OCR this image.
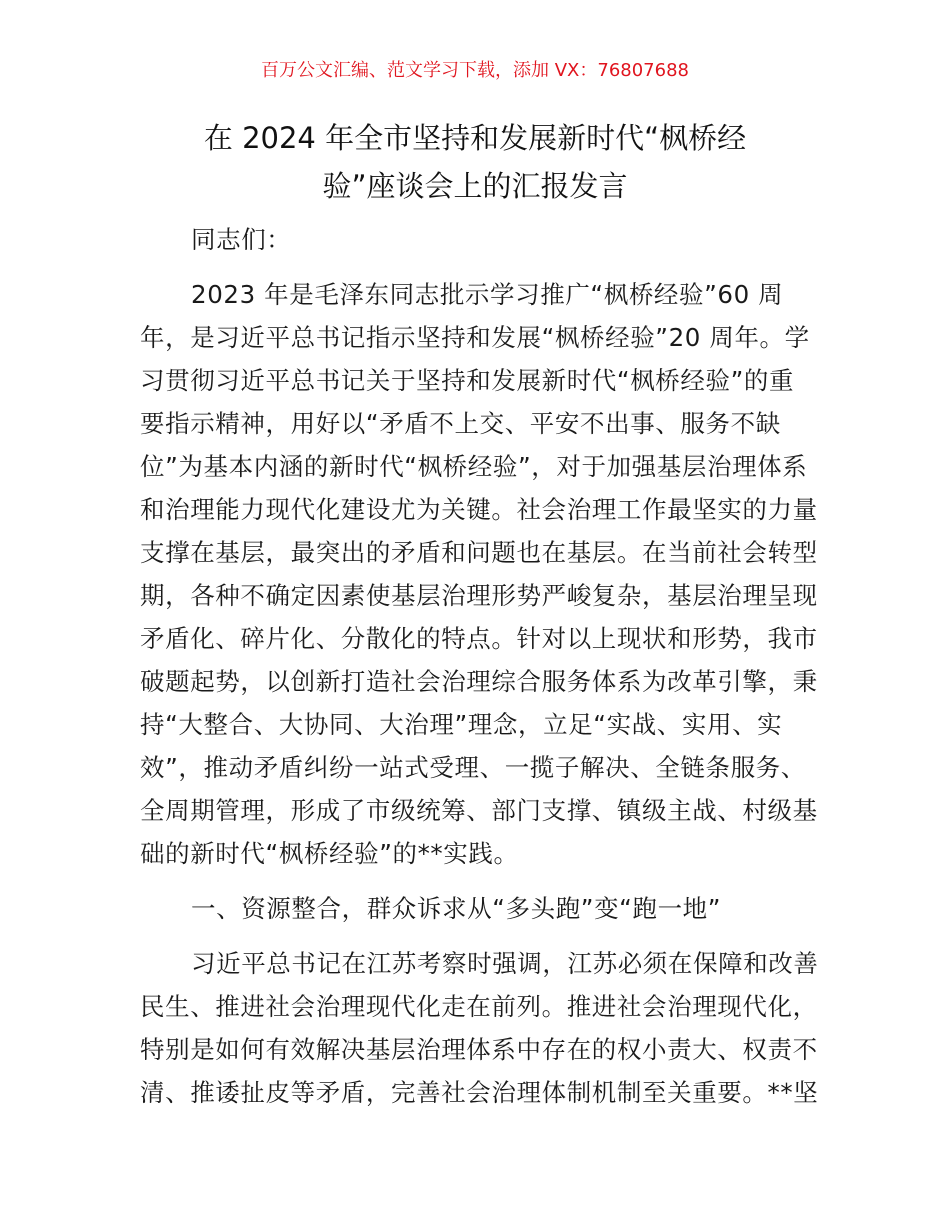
百万公文汇编、范文学习下载，添加 VX：76807688
在 2024 年全市坚持和发展新时代“枫桥经
验”座谈会上的汇报发言
同志们：
2023 年是毛泽东同志批示学习推广“枫桥经验”60 周
年，是习近平总书记指示坚持和发展“枫桥经验”20 周年。学
习贯彻习近平总书记关于坚持和发展新时代“枫桥经验”的重
要指示精神，用好以“矛盾不上交、平安不出事、服务不缺
位”为基本内涵的新时代“枫桥经验”，对于加强基层治理体系
和治理能力现代化建设尤为关键。社会治理工作最坚实的力量
支撑在基层，最突出的矛盾和问题也在基层。在当前社会转型
期，各种不确定因素使基层治理形势严峻复杂，基层治理呈现
矛盾化、碎片化、分散化的特点。针对以上现状和形势，我市
破题起势，以创新打造社会治理综合服务体系为改革引擎，秉
持“大整合、大协同、大治理”理念，立足“实战、实用、实
效”，推动矛盾纠纷一站式受理、一揽子解决、全链条服务、
全周期管理，形成了市级统筹、部门支撑、镇级主战、村级基
础的新时代“枫桥经验”的**实践。
一、资源整合，群众诉求从“多头跑”变“跑一地”
习近平总书记在江苏考察时强调，江苏必须在保障和改善
民生、推进社会治理现代化走在前列。推进社会治理现代化，
特别是如何有效解决基层治理体系中存在的权小责大、权责不
清、推诿扯皮等矛盾，完善社会治理体制机制至关重要。**坚
